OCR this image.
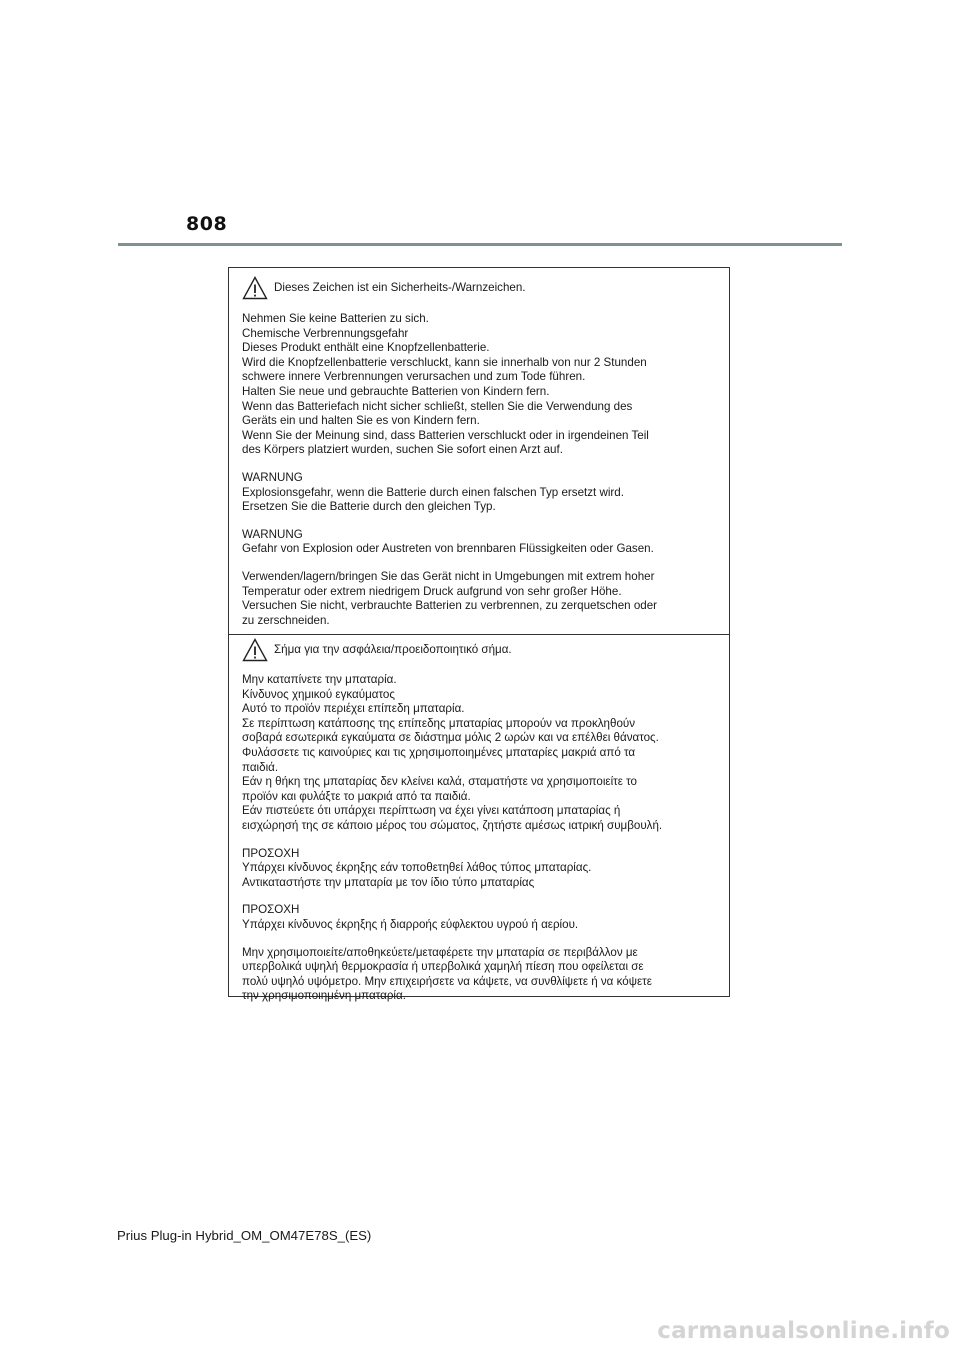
808
Dieses Zeichen ist ein Sicherheits-/Warnzeichen.

Nehmen Sie keine Batterien zu sich.
Chemische Verbrennungsgefahr
Dieses Produkt enthält eine Knopfzellenbatterie.
Wird die Knopfzellenbatterie verschluckt, kann sie innerhalb von nur 2 Stunden
schwere innere Verbrennungen verursachen und zum Tode führen.
Halten Sie neue und gebrauchte Batterien von Kindern fern.
Wenn das Batteriefach nicht sicher schließt, stellen Sie die Verwendung des
Geräts ein und halten Sie es von Kindern fern.
Wenn Sie der Meinung sind, dass Batterien verschluckt oder in irgendeinen Teil
des Körpers platziert wurden, suchen Sie sofort einen Arzt auf.

WARNUNG
Explosionsgefahr, wenn die Batterie durch einen falschen Typ ersetzt wird.
Ersetzen Sie die Batterie durch den gleichen Typ.

WARNUNG
Gefahr von Explosion oder Austreten von brennbaren Flüssigkeiten oder Gasen.

Verwenden/lagern/bringen Sie das Gerät nicht in Umgebungen mit extrem hoher
Temperatur oder extrem niedrigem Druck aufgrund von sehr großer Höhe.
Versuchen Sie nicht, verbrauchte Batterien zu verbrennen, zu zerquetschen oder
zu zerschneiden.

Σήμα για την ασφάλεια/προειδοποιητικό σήμα.

Μην καταπίνετε την μπαταρία.
Κίνδυνος χημικού εγκαύματος
Αυτό το προϊόν περιέχει επίπεδη μπαταρία.
Σε περίπτωση κατάποσης της επίπεδης μπαταρίας μπορούν να προκληθούν
σοβαρά εσωτερικά εγκαύματα σε διάστημα μόλις 2 ωρών και να επέλθει θάνατος.
Φυλάσσετε τις καινούριες και τις χρησιμοποιημένες μπαταρίες μακριά από τα
παιδιά.
Εάν η θήκη της μπαταρίας δεν κλείνει καλά, σταματήστε να χρησιμοποιείτε το
προϊόν και φυλάξτε το μακριά από τα παιδιά.
Εάν πιστεύετε ότι υπάρχει περίπτωση να έχει γίνει κατάποση μπαταρίας ή
εισχώρησή της σε κάποιο μέρος του σώματος, ζητήστε αμέσως ιατρική συμβουλή.

ΠΡΟΣΟΧΗ
Υπάρχει κίνδυνος έκρηξης εάν τοποθετηθεί λάθος τύπος μπαταρίας.
Αντικαταστήστε την μπαταρία με τον ίδιο τύπο μπαταρίας

ΠΡΟΣΟΧΗ
Υπάρχει κίνδυνος έκρηξης ή διαρροής εύφλεκτου υγρού ή αερίου.

Μην χρησιμοποιείτε/αποθηκεύετε/μεταφέρετε την μπαταρία σε περιβάλλον με
υπερβολικά υψηλή θερμοκρασία ή υπερβολικά χαμηλή πίεση που οφείλεται σε
πολύ υψηλό υψόμετρο. Μην επιχειρήσετε να κάψετε, να συνθλίψετε ή να κόψετε
την χρησιμοποιημένη μπαταρία.

Prius Plug-in Hybrid_OM_OM47E78S_(ES)
carmanualsonline.info
